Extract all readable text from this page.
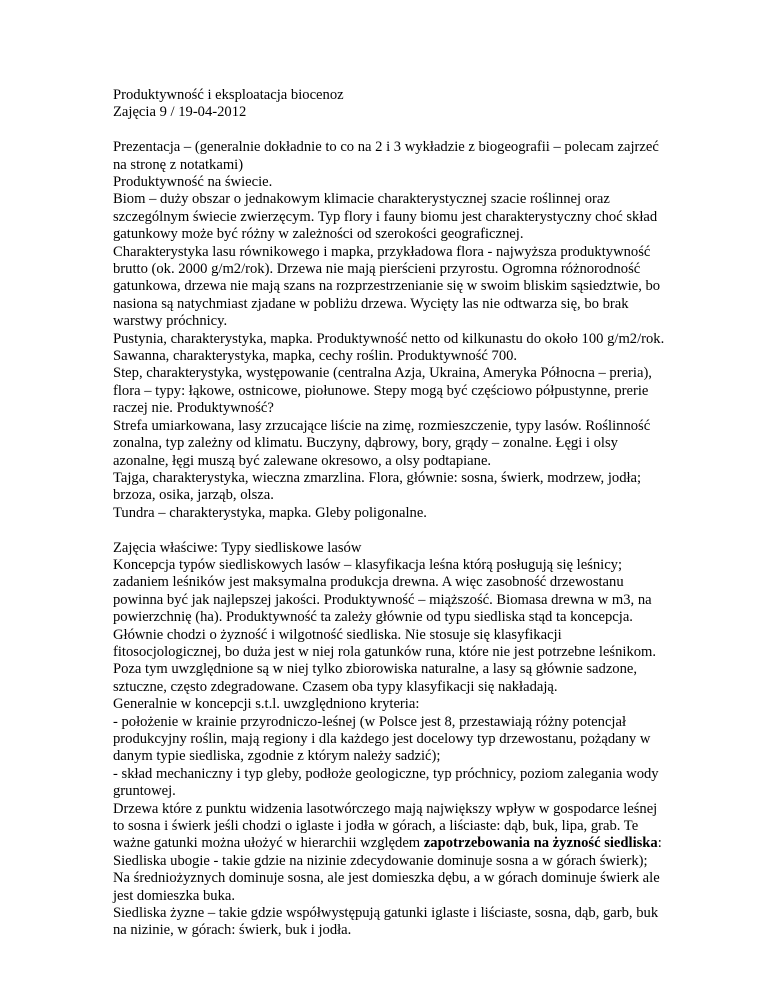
Produktywność i eksploatacja biocenoz
Zajęcia 9 / 19-04-2012
Prezentacja – (generalnie dokładnie to co na 2 i 3 wykładzie z biogeografii – polecam zajrzeć
na stronę z notatkami)
Produktywność na świecie.
Biom – duży obszar o jednakowym klimacie charakterystycznej szacie roślinnej oraz
szczególnym świecie zwierzęcym. Typ flory i fauny biomu jest charakterystyczny choć skład
gatunkowy może być różny w zależności od szerokości geograficznej.
Charakterystyka lasu równikowego i mapka, przykładowa flora - najwyższa produktywność
brutto (ok. 2000 g/m2/rok). Drzewa nie mają pierścieni przyrostu. Ogromna różnorodność
gatunkowa, drzewa nie mają szans na rozprzestrzenianie się w swoim bliskim sąsiedztwie, bo
nasiona są natychmiast zjadane w pobliżu drzewa. Wycięty las nie odtwarza się, bo brak
warstwy próchnicy.
Pustynia, charakterystyka, mapka. Produktywność netto od kilkunastu do około 100 g/m2/rok.
Sawanna, charakterystyka, mapka, cechy roślin. Produktywność 700.
Step, charakterystyka, występowanie (centralna Azja, Ukraina, Ameryka Północna – preria),
flora – typy: łąkowe, ostnicowe, piołunowe. Stepy mogą być częściowo półpustynne, prerie
raczej nie. Produktywność?
Strefa umiarkowana, lasy zrzucające liście na zimę, rozmieszczenie, typy lasów. Roślinność
zonalna, typ zależny od klimatu. Buczyny, dąbrowy, bory, grądy – zonalne. Łęgi i olsy
azonalne, łęgi muszą być zalewane okresowo, a olsy podtapiane.
Tajga, charakterystyka, wieczna zmarzlina. Flora, głównie: sosna, świerk, modrzew, jodła;
brzoza, osika, jarząb, olsza.
Tundra – charakterystyka, mapka. Gleby poligonalne.
Zajęcia właściwe: Typy siedliskowe lasów
Koncepcja typów siedliskowych lasów – klasyfikacja leśna którą posługują się leśnicy;
zadaniem leśników jest maksymalna produkcja drewna. A więc zasobność drzewostanu
powinna być jak najlepszej jakości. Produktywność – miąższość. Biomasa drewna w m3, na
powierzchnię (ha). Produktywność ta zależy głównie od typu siedliska stąd ta koncepcja.
Głównie chodzi o żyzność i wilgotność siedliska. Nie stosuje się klasyfikacji
fitosocjologicznej, bo duża jest w niej rola gatunków runa, które nie jest potrzebne leśnikom.
Poza tym uwzględnione są w niej tylko zbiorowiska naturalne, a lasy są głównie sadzone,
sztuczne, często zdegradowane. Czasem oba typy klasyfikacji się nakładają.
Generalnie w koncepcji s.t.l. uwzględniono kryteria:
- położenie w krainie przyrodniczo-leśnej (w Polsce jest 8, przestawiają różny potencjał
produkcyjny roślin, mają regiony i dla każdego jest docelowy typ drzewostanu, pożądany w
danym typie siedliska, zgodnie z którym należy sadzić);
- skład mechaniczny i typ gleby, podłoże geologiczne, typ próchnicy, poziom zalegania wody
gruntowej.
Drzewa które z punktu widzenia lasotwórczego mają największy wpływ w gospodarce leśnej
to sosna i świerk jeśli chodzi o iglaste i jodła w górach, a liściaste: dąb, buk, lipa, grab. Te
ważne gatunki można ułożyć w hierarchii względem zapotrzebowania na żyzność siedliska:
Siedliska ubogie - takie gdzie na nizinie zdecydowanie dominuje sosna a w górach świerk);
Na średniożyznych dominuje sosna, ale jest domieszka dębu, a w górach dominuje świerk ale
jest domieszka buka.
Siedliska żyzne – takie gdzie współwystępują gatunki iglaste i liściaste, sosna, dąb, garb, buk
na nizinie, w górach: świerk, buk i jodła.
